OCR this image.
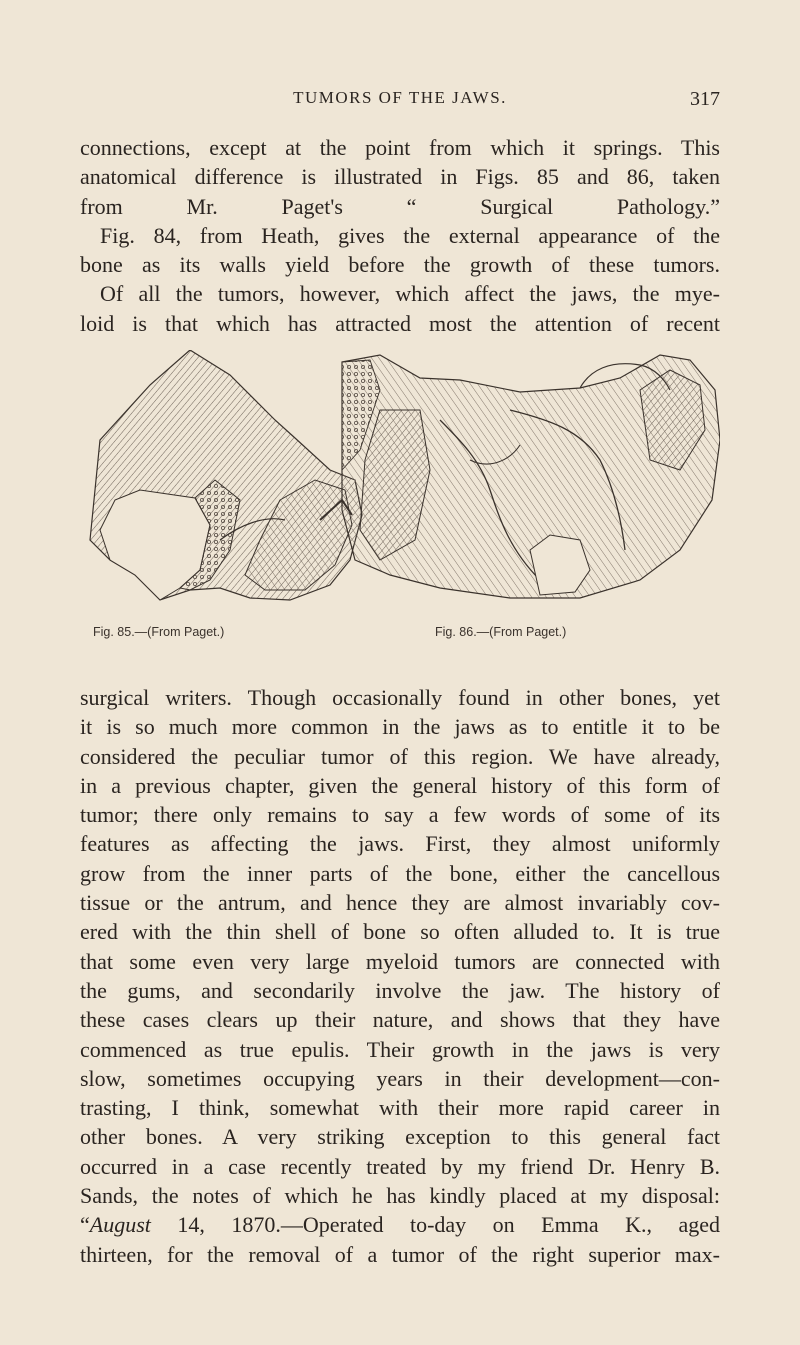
TUMORS OF THE JAWS.	317
connections, except at the point from which it springs. This
anatomical difference is illustrated in Figs. 85 and 86, taken
from Mr. Paget's “ Surgical Pathology.”
Fig. 84, from Heath, gives the external appearance of the
bone as its walls yield before the growth of these tumors.
Of all the tumors, however, which affect the jaws, the mye-
loid is that which has attracted most the attention of recent
Fig. 85.—(From Paget.)	Fig. 86.—(From Paget.)
surgical writers. Though occasionally found in other bones, yet
it is so much more common in the jaws as to entitle it to be
considered the peculiar tumor of this region. We have already,
in a previous chapter, given the general history of this form of
tumor; there only remains to say a few words of some of its
features as affecting the jaws. First, they almost uniformly
grow from the inner parts of the bone, either the cancellous
tissue or the antrum, and hence they are almost invariably cov-
ered with the thin shell of bone so often alluded to. It is true
that some even very large myeloid tumors are connected with
the gums, and secondarily involve the jaw. The history of
these cases clears up their nature, and shows that they have
commenced as true epulis. Their growth in the jaws is very
slow, sometimes occupying years in their development—con-
trasting, I think, somewhat with their more rapid career in
other bones. A very striking exception to this general fact
occurred in a case recently treated by my friend Dr. Henry B.
Sands, the notes of which he has kindly placed at my disposal:
“August 14, 1870.—Operated to-day on Emma K., aged
thirteen, for the removal of a tumor of the right superior max-
